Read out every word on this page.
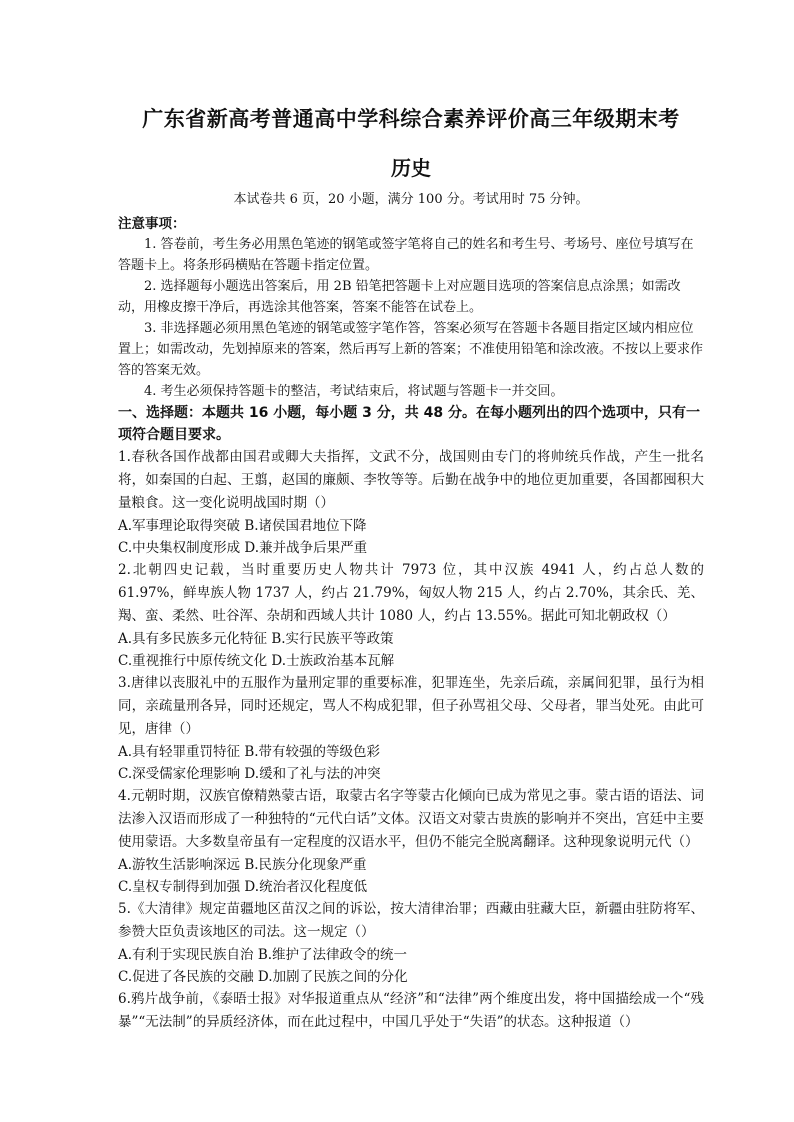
广东省新高考普通高中学科综合素养评价高三年级期末考
历史

本试卷共 6 页，20 小题，满分 100 分。考试用时 75 分钟。

注意事项：

1. 答卷前，考生务必用黑色笔迹的钢笔或签字笔将自己的姓名和考生号、考场号、座位号填写在答题卡上。将条形码横贴在答题卡指定位置。

2. 选择题每小题选出答案后，用 2B 铅笔把答题卡上对应题目选项的答案信息点涂黑；如需改动，用橡皮擦干净后，再选涂其他答案，答案不能答在试卷上。

3. 非选择题必须用黑色笔迹的钢笔或签字笔作答，答案必须写在答题卡各题目指定区域内相应位置上；如需改动，先划掉原来的答案，然后再写上新的答案；不准使用铅笔和涂改液。不按以上要求作答的答案无效。

4. 考生必须保持答题卡的整洁，考试结束后，将试题与答题卡一并交回。

一、选择题：本题共 16 小题，每小题 3 分，共 48 分。在每小题列出的四个选项中，只有一项符合题目要求。

1.春秋各国作战都由国君或卿大夫指挥，文武不分，战国则由专门的将帅统兵作战，产生一批名将，如秦国的白起、王翦，赵国的廉颇、李牧等等。后勤在战争中的地位更加重要，各国都囤积大量粮食。这一变化说明战国时期（）

A.军事理论取得突破 B.诸侯国君地位下降

C.中央集权制度形成 D.兼并战争后果严重

2.北朝四史记载，当时重要历史人物共计 7973 位，其中汉族 4941 人，约占总人数的 61.97%，鲜卑族人物 1737 人，约占 21.79%，匈奴人物 215 人，约占 2.70%，其余氏、羌、羯、蛮、柔然、吐谷浑、杂胡和西域人共计 1080 人，约占 13.55%。据此可知北朝政权（）

A.具有多民族多元化特征 B.实行民族平等政策

C.重视推行中原传统文化 D.士族政治基本瓦解

3.唐律以丧服礼中的五服作为量刑定罪的重要标准，犯罪连坐，先亲后疏，亲属间犯罪，虽行为相同，亲疏量刑各异，同时还规定，骂人不构成犯罪，但子孙骂祖父母、父母者，罪当处死。由此可见，唐律（）

A.具有轻罪重罚特征 B.带有较强的等级色彩

C.深受儒家伦理影响 D.缓和了礼与法的冲突

4.元朝时期，汉族官僚精熟蒙古语，取蒙古名字等蒙古化倾向已成为常见之事。蒙古语的语法、词法渗入汉语而形成了一种独特的“元代白话”文体。汉语文对蒙古贵族的影响并不突出，宫廷中主要使用蒙语。大多数皇帝虽有一定程度的汉语水平，但仍不能完全脱离翻译。这种现象说明元代（）

A.游牧生活影响深远 B.民族分化现象严重

C.皇权专制得到加强 D.统治者汉化程度低

5.《大清律》规定苗疆地区苗汉之间的诉讼，按大清律治罪；西藏由驻藏大臣，新疆由驻防将军、参赞大臣负责该地区的司法。这一规定（）

A.有利于实现民族自治 B.维护了法律政令的统一

C.促进了各民族的交融 D.加剧了民族之间的分化

6.鸦片战争前，《泰晤士报》对华报道重点从“经济”和“法律”两个维度出发，将中国描绘成一个“残暴”“无法制”的异质经济体，而在此过程中，中国几乎处于“失语”的状态。这种报道（）
